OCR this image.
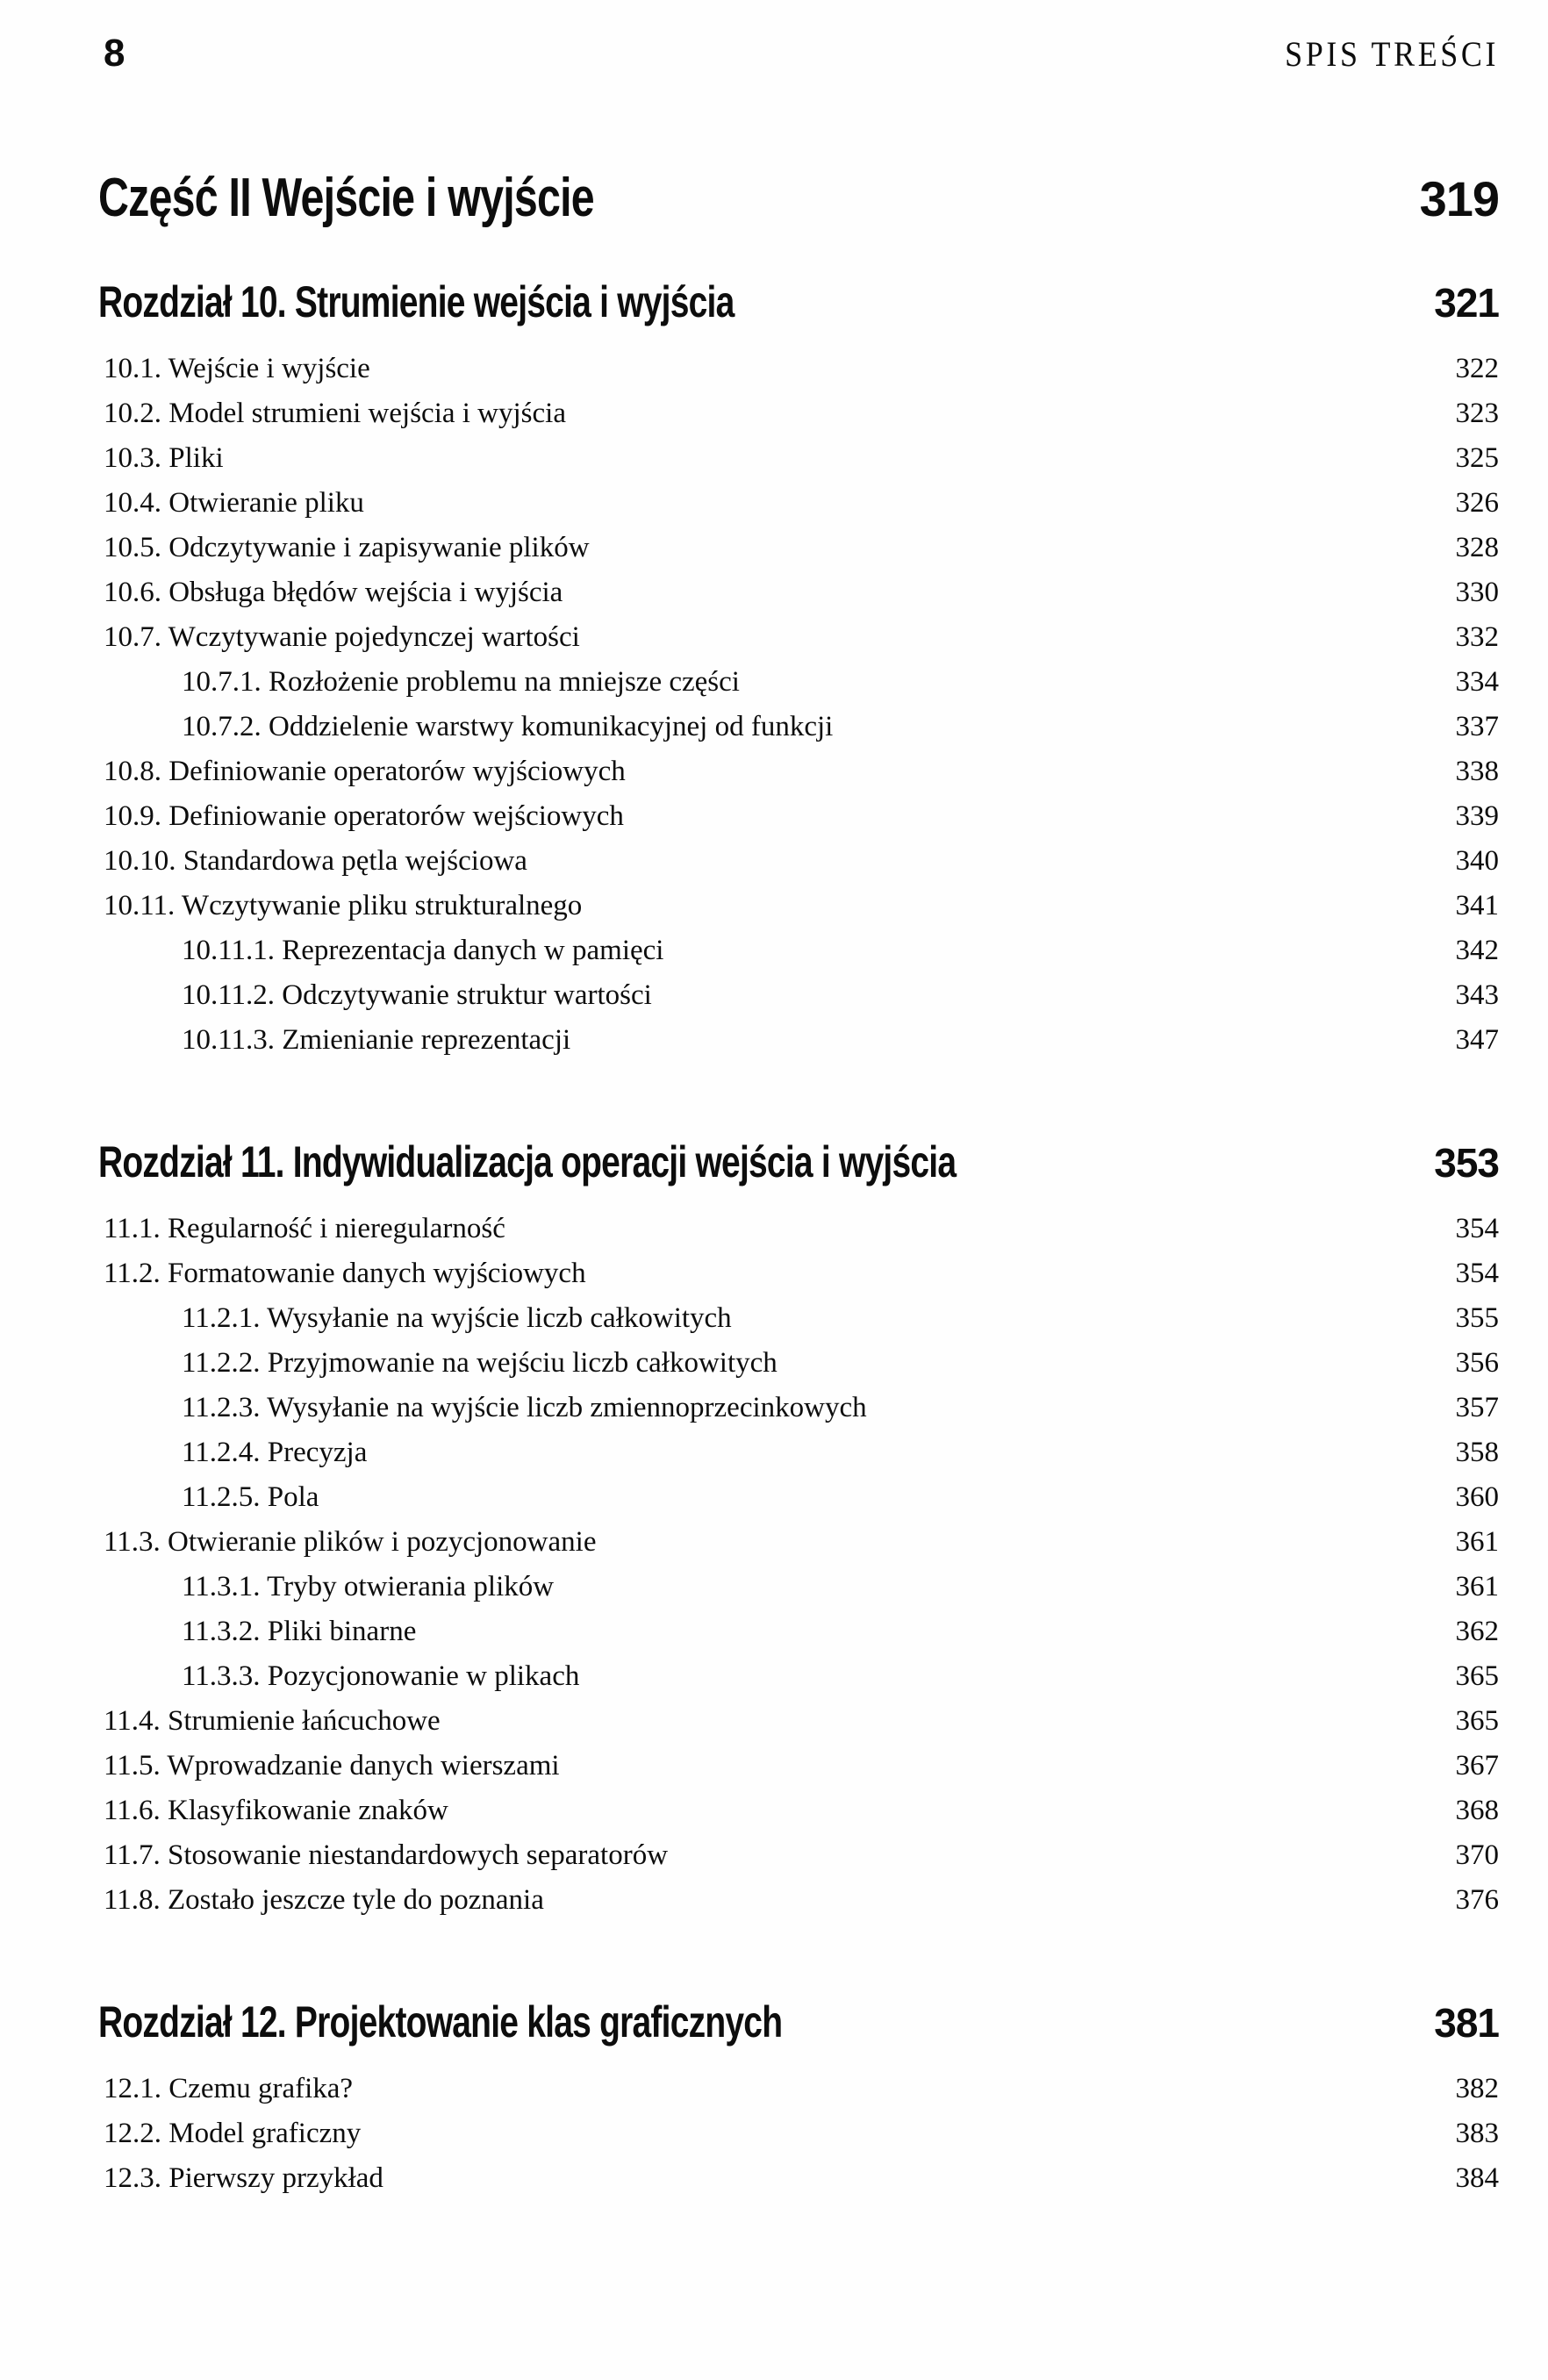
8	SPIS TREŚCI
Część II Wejście i wyjście	319
Rozdział 10. Strumienie wejścia i wyjścia	321
10.1. Wejście i wyjście	322
10.2. Model strumieni wejścia i wyjścia	323
10.3. Pliki	325
10.4. Otwieranie pliku	326
10.5. Odczytywanie i zapisywanie plików	328
10.6. Obsługa błędów wejścia i wyjścia	330
10.7. Wczytywanie pojedynczej wartości	332
10.7.1. Rozłożenie problemu na mniejsze części	334
10.7.2. Oddzielenie warstwy komunikacyjnej od funkcji	337
10.8. Definiowanie operatorów wyjściowych	338
10.9. Definiowanie operatorów wejściowych	339
10.10. Standardowa pętla wejściowa	340
10.11. Wczytywanie pliku strukturalnego	341
10.11.1. Reprezentacja danych w pamięci	342
10.11.2. Odczytywanie struktur wartości	343
10.11.3. Zmienianie reprezentacji	347
Rozdział 11. Indywidualizacja operacji wejścia i wyjścia	353
11.1. Regularność i nieregularność	354
11.2. Formatowanie danych wyjściowych	354
11.2.1. Wysyłanie na wyjście liczb całkowitych	355
11.2.2. Przyjmowanie na wejściu liczb całkowitych	356
11.2.3. Wysyłanie na wyjście liczb zmiennoprzecinkowych	357
11.2.4. Precyzja	358
11.2.5. Pola	360
11.3. Otwieranie plików i pozycjonowanie	361
11.3.1. Tryby otwierania plików	361
11.3.2. Pliki binarne	362
11.3.3. Pozycjonowanie w plikach	365
11.4. Strumienie łańcuchowe	365
11.5. Wprowadzanie danych wierszami	367
11.6. Klasyfikowanie znaków	368
11.7. Stosowanie niestandardowych separatorów	370
11.8. Zostało jeszcze tyle do poznania	376
Rozdział 12. Projektowanie klas graficznych	381
12.1. Czemu grafika?	382
12.2. Model graficzny	383
12.3. Pierwszy przykład	384
